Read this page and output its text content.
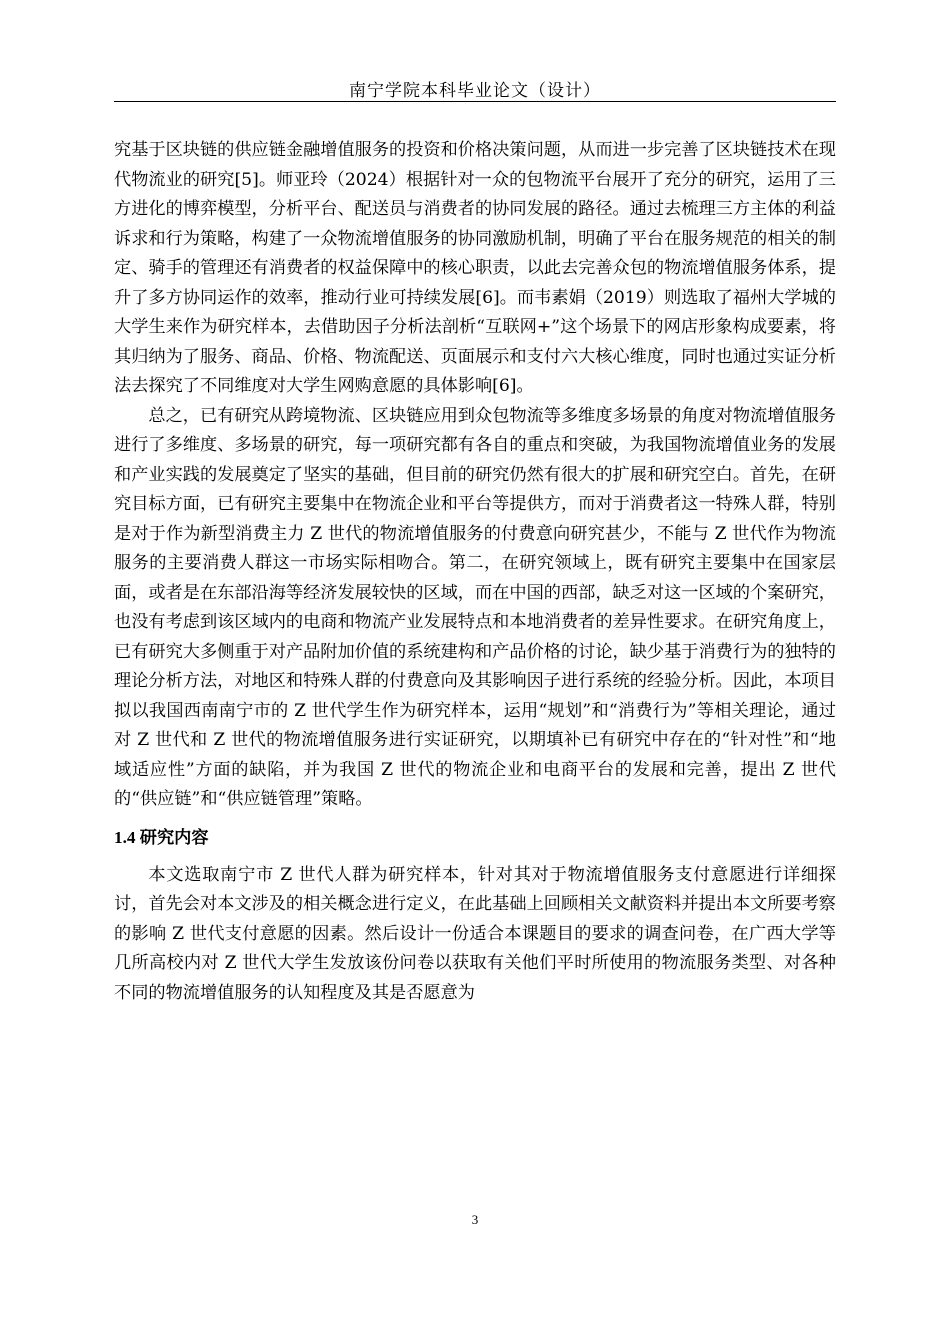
南宁学院本科毕业论文（设计）

究基于区块链的供应链金融增值服务的投资和价格决策问题，从而进一步完善了区块链技术在现代物流业的研究[5]。师亚玲（2024）根据针对一众的包物流平台展开了充分的研究，运用了三方进化的博弈模型，分析平台、配送员与消费者的协同发展的路径。通过去梳理三方主体的利益诉求和行为策略，构建了一众物流增值服务的协同激励机制，明确了平台在服务规范的相关的制定、骑手的管理还有消费者的权益保障中的核心职责，以此去完善众包的物流增值服务体系，提升了多方协同运作的效率，推动行业可持续发展[6]。而韦素娟（2019）则选取了福州大学城的大学生来作为研究样本，去借助因子分析法剖析“互联网+”这个场景下的网店形象构成要素，将其归纳为了服务、商品、价格、物流配送、页面展示和支付六大核心维度，同时也通过实证分析法去探究了不同维度对大学生网购意愿的具体影响[6]。

总之，已有研究从跨境物流、区块链应用到众包物流等多维度多场景的角度对物流增值服务进行了多维度、多场景的研究，每一项研究都有各自的重点和突破，为我国物流增值业务的发展和产业实践的发展奠定了坚实的基础，但目前的研究仍然有很大的扩展和研究空白。首先，在研究目标方面，已有研究主要集中在物流企业和平台等提供方，而对于消费者这一特殊人群，特别是对于作为新型消费主力 Z 世代的物流增值服务的付费意向研究甚少，不能与 Z 世代作为物流服务的主要消费人群这一市场实际相吻合。第二，在研究领域上，既有研究主要集中在国家层面，或者是在东部沿海等经济发展较快的区域，而在中国的西部，缺乏对这一区域的个案研究，也没有考虑到该区域内的电商和物流产业发展特点和本地消费者的差异性要求。在研究角度上，已有研究大多侧重于对产品附加价值的系统建构和产品价格的讨论，缺少基于消费行为的独特的理论分析方法，对地区和特殊人群的付费意向及其影响因子进行系统的经验分析。因此，本项目拟以我国西南南宁市的 Z 世代学生作为研究样本，运用“规划”和“消费行为”等相关理论，通过对 Z 世代和 Z 世代的物流增值服务进行实证研究，以期填补已有研究中存在的“针对性”和“地域适应性”方面的缺陷，并为我国 Z 世代的物流企业和电商平台的发展和完善，提出 Z 世代的“供应链”和“供应链管理”策略。

1.4 研究内容

本文选取南宁市 Z 世代人群为研究样本，针对其对于物流增值服务支付意愿进行详细探讨，首先会对本文涉及的相关概念进行定义，在此基础上回顾相关文献资料并提出本文所要考察的影响 Z 世代支付意愿的因素。然后设计一份适合本课题目的要求的调查问卷，在广西大学等几所高校内对 Z 世代大学生发放该份问卷以获取有关他们平时所使用的物流服务类型、对各种不同的物流增值服务的认知程度及其是否愿意为

3
